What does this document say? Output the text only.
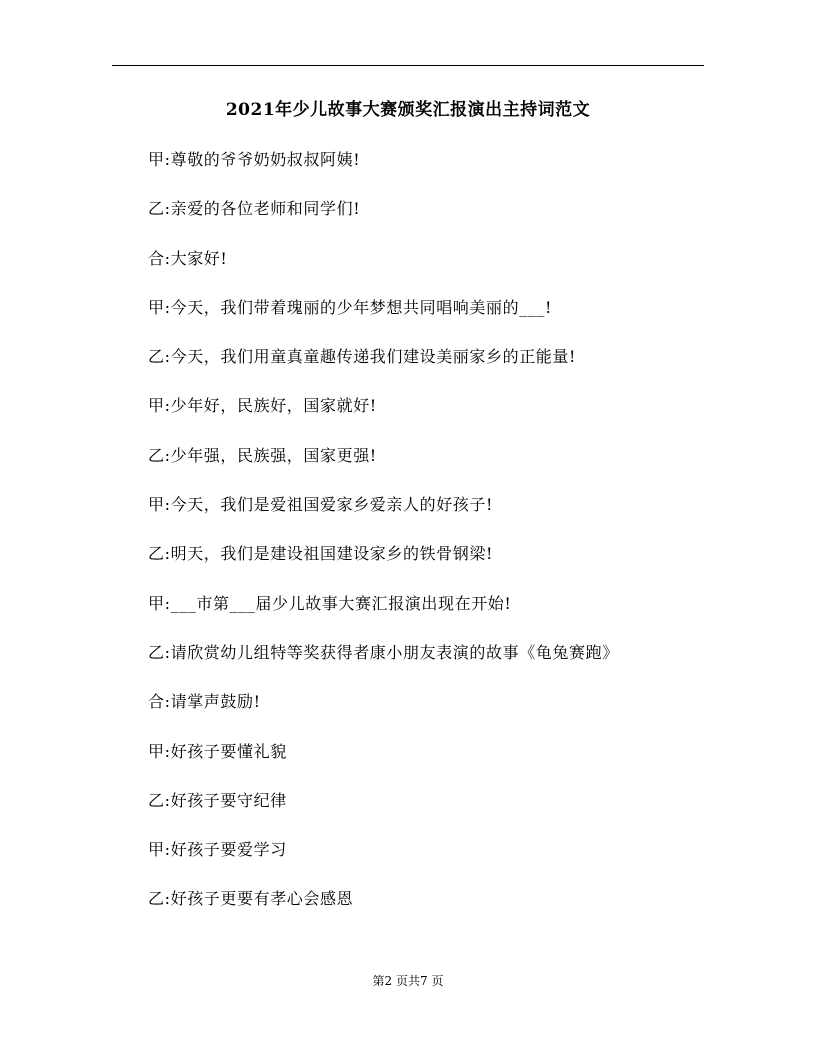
2021年少儿故事大赛颁奖汇报演出主持词范文
甲:尊敬的爷爷奶奶叔叔阿姨!
乙:亲爱的各位老师和同学们!
合:大家好!
甲:今天，我们带着瑰丽的少年梦想共同唱响美丽的___!
乙:今天，我们用童真童趣传递我们建设美丽家乡的正能量!
甲:少年好，民族好，国家就好!
乙:少年强，民族强，国家更强!
甲:今天，我们是爱祖国爱家乡爱亲人的好孩子!
乙:明天，我们是建设祖国建设家乡的铁骨钢梁!
甲:___市第___届少儿故事大赛汇报演出现在开始!
乙:请欣赏幼儿组特等奖获得者康小朋友表演的故事《龟兔赛跑》
合:请掌声鼓励!
甲:好孩子要懂礼貌
乙:好孩子要守纪律
甲:好孩子要爱学习
乙:好孩子更要有孝心会感恩
第2 页共7 页
